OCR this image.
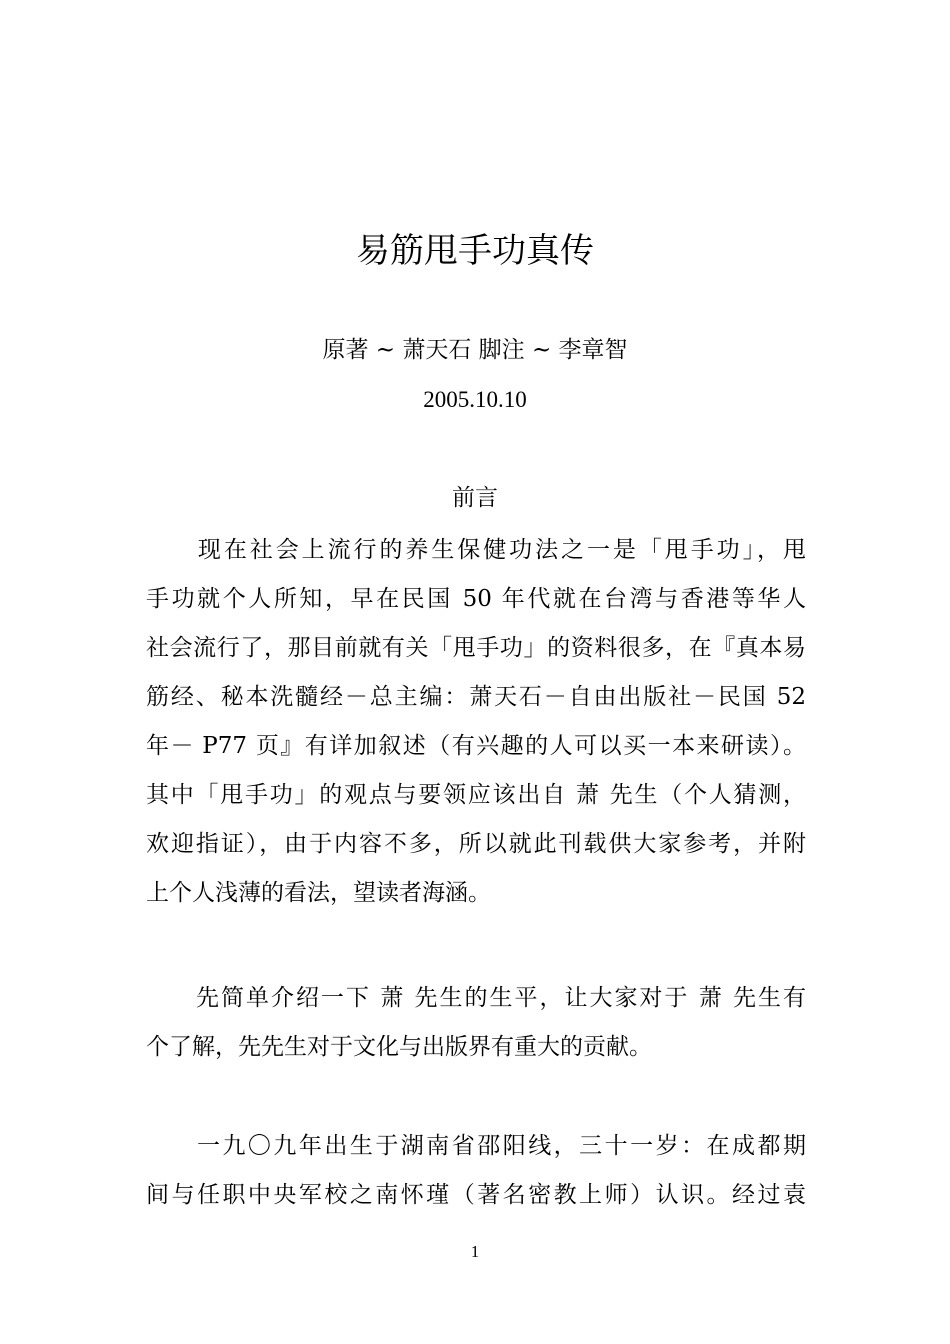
易筋甩手功真传
原著 ~ 萧天石 脚注 ~ 李章智
2005.10.10
前言
　　现在社会上流行的养生保健功法之一是「甩手功」，甩
手功就个人所知，早在民国 50 年代就在台湾与香港等华人
社会流行了，那目前就有关「甩手功」的资料很多，在『真本易
筋经、秘本洗髓经－总主编：萧天石－自由出版社－民国 52
年－ P77 页』有详加叙述（有兴趣的人可以买一本来研读）。
其中「甩手功」的观点与要领应该出自 萧 先生（个人猜测，
欢迎指证），由于内容不多，所以就此刊载供大家参考，并附
上个人浅薄的看法，望读者海涵。
　　先简单介绍一下 萧 先生的生平，让大家对于 萧 先生有
个了解，先先生对于文化与出版界有重大的贡献。
　　一九〇九年出生于湖南省邵阳线，三十一岁：在成都期
间与任职中央军校之南怀瑾（著名密教上师）认识。经过袁
1
